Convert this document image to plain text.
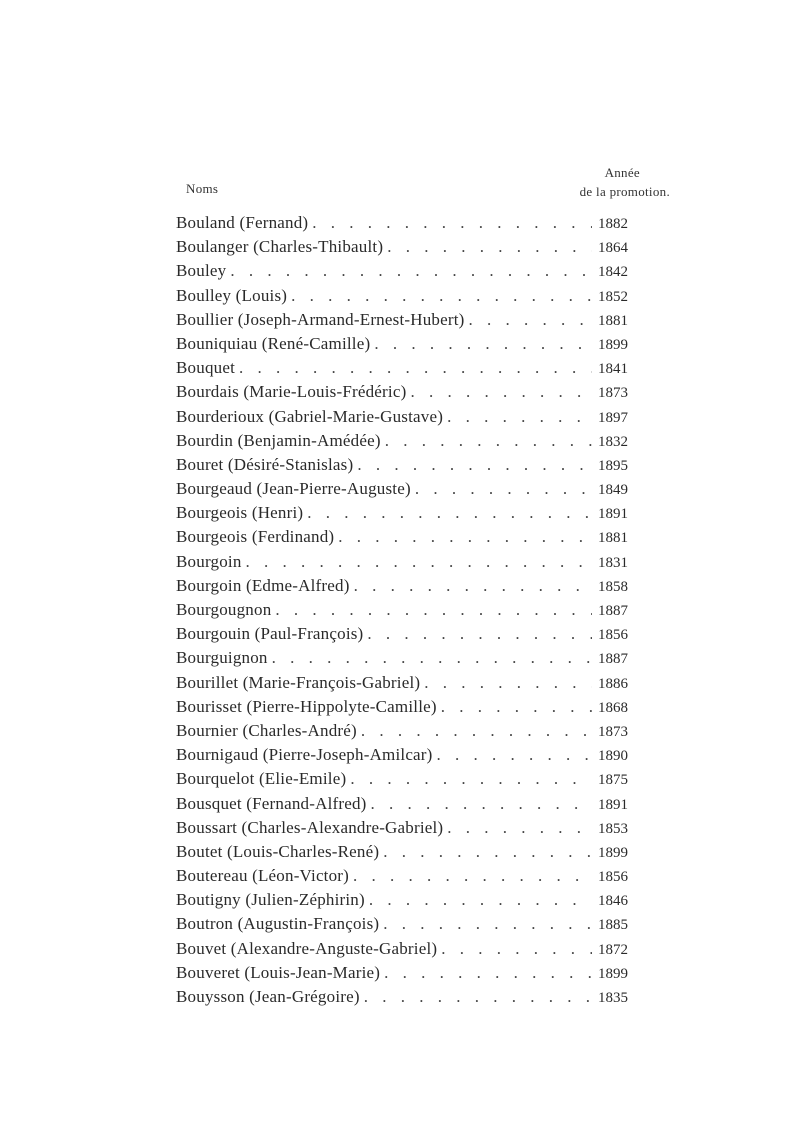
Noms
Année
de la promotion.
Bouland (Fernand) . . .	1882
Boulanger (Charles-Thibault) . . .	1864
Bouley . . .	1842
Boulley (Louis) . . .	1852
Boullier (Joseph-Armand-Ernest-Hubert) . . .	1881
Bouniquiau (René-Camille) . . .	1899
Bouquet . . .	1841
Bourdais (Marie-Louis-Frédéric) . . .	1873
Bourderioux (Gabriel-Marie-Gustave) . . .	1897
Bourdin (Benjamin-Amédée) . . .	1832
Bouret (Désiré-Stanislas) . . .	1895
Bourgeaud (Jean-Pierre-Auguste) . . .	1849
Bourgeois (Henri) . . .	1891
Bourgeois (Ferdinand) . . .	1881
Bourgoin . . .	1831
Bourgoin (Edme-Alfred) . . .	1858
Bourgougnon . . .	1887
Bourgouin (Paul-François) . . .	1856
Bourguignon . . .	1887
Bourillet (Marie-François-Gabriel) . . .	1886
Bourisset (Pierre-Hippolyte-Camille) . . .	1868
Bournier (Charles-André) . . .	1873
Bournigaud (Pierre-Joseph-Amilcar) . . .	1890
Bourquelot (Elie-Emile) . . .	1875
Bousquet (Fernand-Alfred) . . .	1891
Boussart (Charles-Alexandre-Gabriel) . . .	1853
Boutet (Louis-Charles-René) . . .	1899
Boutereau (Léon-Victor) . . .	1856
Boutigny (Julien-Zéphirin) . . .	1846
Boutron (Augustin-François) . . .	1885
Bouvet (Alexandre-Anguste-Gabriel) . . .	1872
Bouveret (Louis-Jean-Marie) . . .	1899
Bouysson (Jean-Grégoire) . . .	1835
